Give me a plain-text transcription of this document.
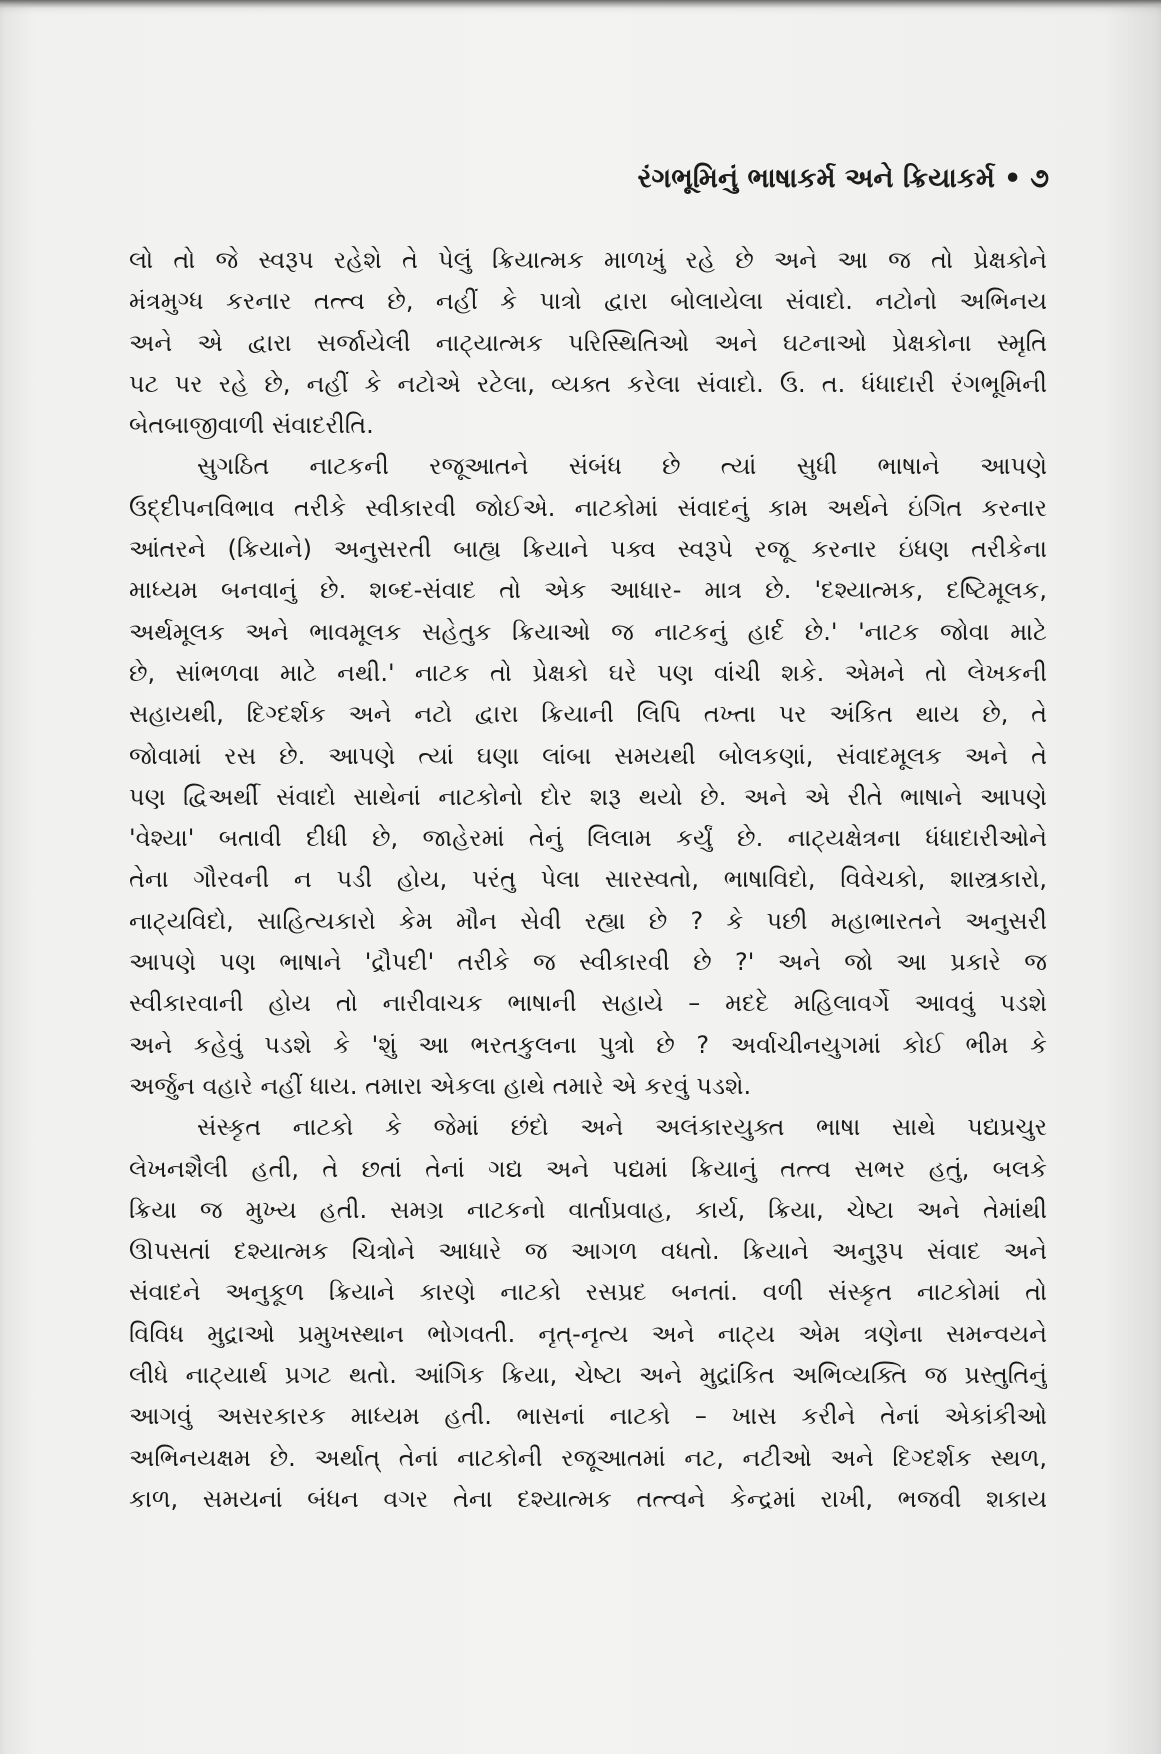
રંગભૂમિનું ભાષાકર્મ અને ક્રિયાકર્મ • ૭
લો તો જે સ્વરૂપ રહેશે તે પેલું ક્રિયાત્મક માળખું રહે છે અને આ જ તો પ્રેક્ષકોને
મંત્રમુગ્ધ કરનાર તત્ત્વ છે, નહીં કે પાત્રો દ્વારા બોલાયેલા સંવાદો. નટોનો અભિનય
અને એ દ્વારા સર્જાયેલી નાટ્યાત્મક પરિસ્થિતિઓ અને ઘટનાઓ પ્રેક્ષકોના સ્મૃતિ
પટ પર રહે છે, નહીં કે નટોએ રટેલા, વ્યક્ત કરેલા સંવાદો. ઉ. ત. ધંધાદારી રંગભૂમિની
બેતબાજીવાળી સંવાદરીતિ.
સુગઠિત નાટકની રજૂઆતને સંબંધ છે ત્યાં સુધી ભાષાને આપણે
ઉદ્દીપનવિભાવ તરીકે સ્વીકારવી જોઈએ. નાટકોમાં સંવાદનું કામ અર્થને ઇંગિત કરનાર
આંતરને (ક્રિયાને) અનુસરતી બાહ્ય ક્રિયાને પક્વ સ્વરૂપે રજૂ કરનાર ઇંધણ તરીકેના
માધ્યમ બનવાનું છે. શબ્દ-સંવાદ તો એક આધાર- માત્ર છે. 'દશ્યાત્મક, દષ્ટિમૂલક,
અર્થમૂલક અને ભાવમૂલક સહેતુક ક્રિયાઓ જ નાટકનું હાર્દ છે.' 'નાટક જોવા માટે
છે, સાંભળવા માટે નથી.' નાટક તો પ્રેક્ષકો ઘરે પણ વાંચી શકે. એમને તો લેખકની
સહાયથી, દિગ્દર્શક અને નટો દ્વારા ક્રિયાની લિપિ તખ્તા પર અંકિત થાય છે, તે
જોવામાં રસ છે. આપણે ત્યાં ઘણા લાંબા સમયથી બોલકણાં, સંવાદમૂલક અને તે
પણ દ્વિઅર્થી સંવાદો સાથેનાં નાટકોનો દોર શરૂ થયો છે. અને એ રીતે ભાષાને આપણે
'વેશ્યા' બતાવી દીધી છે, જાહેરમાં તેનું લિલામ કર્યું છે. નાટ્યક્ષેત્રના ધંધાદારીઓને
તેના ગૌરવની ન પડી હોય, પરંતુ પેલા સારસ્વતો, ભાષાવિદો, વિવેચકો, શાસ્ત્રકારો,
નાટ્યવિદો, સાહિત્યકારો કેમ મૌન સેવી રહ્યા છે ? કે પછી મહાભારતને અનુસરી
આપણે પણ ભાષાને 'દ્રૌપદી' તરીકે જ સ્વીકારવી છે ?' અને જો આ પ્રકારે જ
સ્વીકારવાની હોય તો નારીવાચક ભાષાની સહાયે – મદદે મહિલાવર્ગે આવવું પડશે
અને કહેવું પડશે કે 'શું આ ભરતકુલના પુત્રો છે ? અર્વાચીનયુગમાં કોઈ ભીમ કે
અર્જુન વહારે નહીં ધાય. તમારા એકલા હાથે તમારે એ કરવું પડશે.
સંસ્કૃત નાટકો કે જેમાં છંદો અને અલંકારયુક્ત ભાષા સાથે પદ્યપ્રચુર
લેખનશૈલી હતી, તે છતાં તેનાં ગદ્ય અને પદ્યમાં ક્રિયાનું તત્ત્વ સભર હતું, બલકે
ક્રિયા જ મુખ્ય હતી. સમગ્ર નાટકનો વાર્તાપ્રવાહ, કાર્ય, ક્રિયા, ચેષ્ટા અને તેમાંથી
ઊપસતાં દશ્યાત્મક ચિત્રોને આધારે જ આગળ વધતો. ક્રિયાને અનુરૂપ સંવાદ અને
સંવાદને અનુકૂળ ક્રિયાને કારણે નાટકો રસપ્રદ બનતાં. વળી સંસ્કૃત નાટકોમાં તો
વિવિધ મુદ્રાઓ પ્રમુખસ્થાન ભોગવતી. નૃત્-નૃત્ય અને નાટ્ય એમ ત્રણેના સમન્વયને
લીધે નાટ્યાર્થ પ્રગટ થતો. આંગિક ક્રિયા, ચેષ્ટા અને મુદ્રાંકિત અભિવ્યક્તિ જ પ્રસ્તુતિનું
આગવું અસરકારક માધ્યમ હતી. ભાસનાં નાટકો – ખાસ કરીને તેનાં એકાંકીઓ
અભિનયક્ષમ છે. અર્થાત્ તેનાં નાટકોની રજૂઆતમાં નટ, નટીઓ અને દિગ્દર્શક સ્થળ,
કાળ, સમયનાં બંધન વગર તેના દશ્યાત્મક તત્ત્વને કેન્દ્રમાં રાખી, ભજવી શકાય
